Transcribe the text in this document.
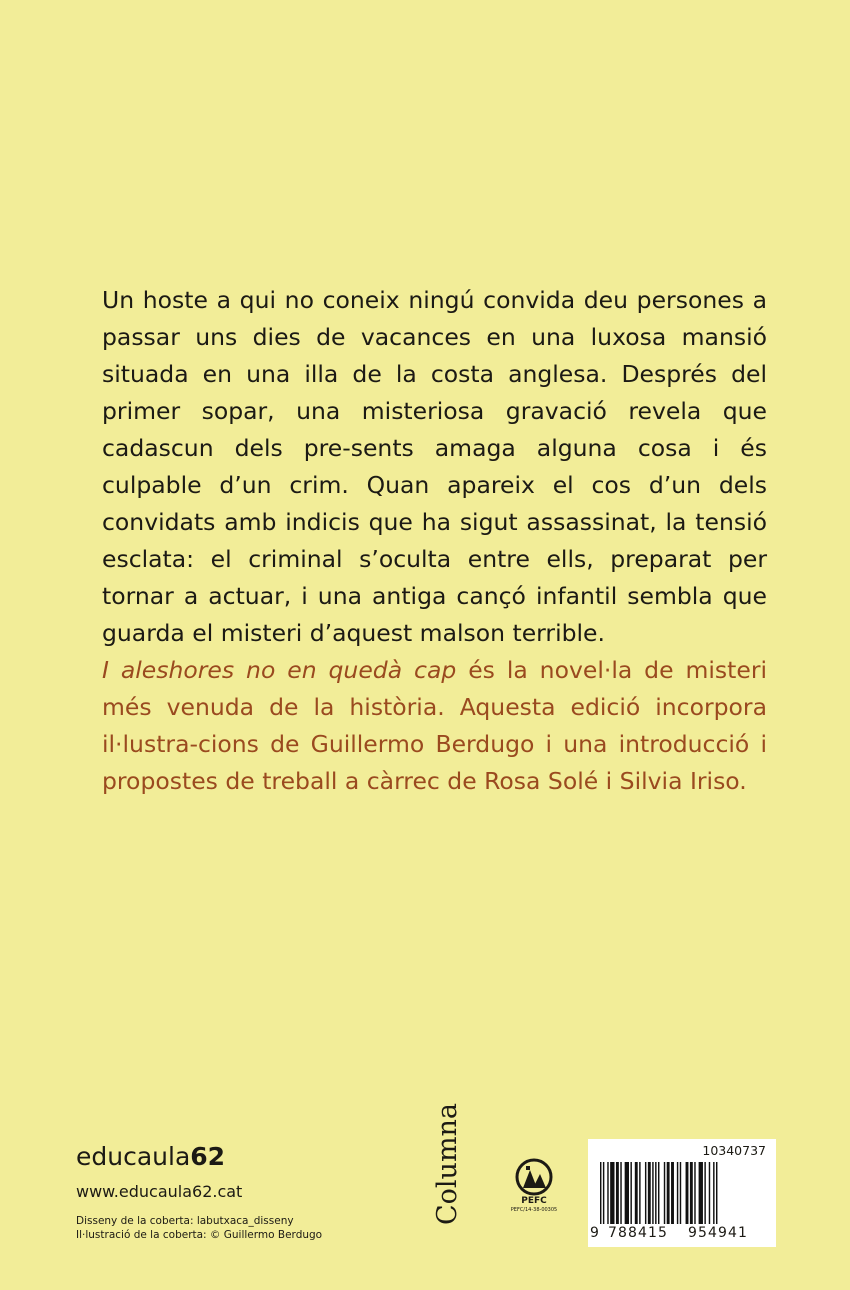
Un hoste a qui no coneix ningú convida deu persones a passar uns dies de vacances en una luxosa mansió situada en una illa de la costa anglesa. Després del primer sopar, una misteriosa gravació revela que cadascun dels pre-sents amaga alguna cosa i és culpable d’un crim. Quan apareix el cos d’un dels convidats amb indicis que ha sigut assassinat, la tensió esclata: el criminal s’oculta entre ells, preparat per tornar a actuar, i una antiga cançó infantil sembla que guarda el misteri d’aquest malson terrible.

I aleshores no en quedà cap és la novel·la de misteri més venuda de la història. Aquesta edició incorpora il·lustra-cions de Guillermo Berdugo i una introducció i propostes de treball a càrrec de Rosa Solé i Silvia Iriso.

educaula62
www.educaula62.cat
Disseny de la coberta: labutxaca_disseny
Il·lustració de la coberta: © Guillermo Berdugo
Columna	PEFC
PEFC/14-38-00305
10340737
9 788415 954941
